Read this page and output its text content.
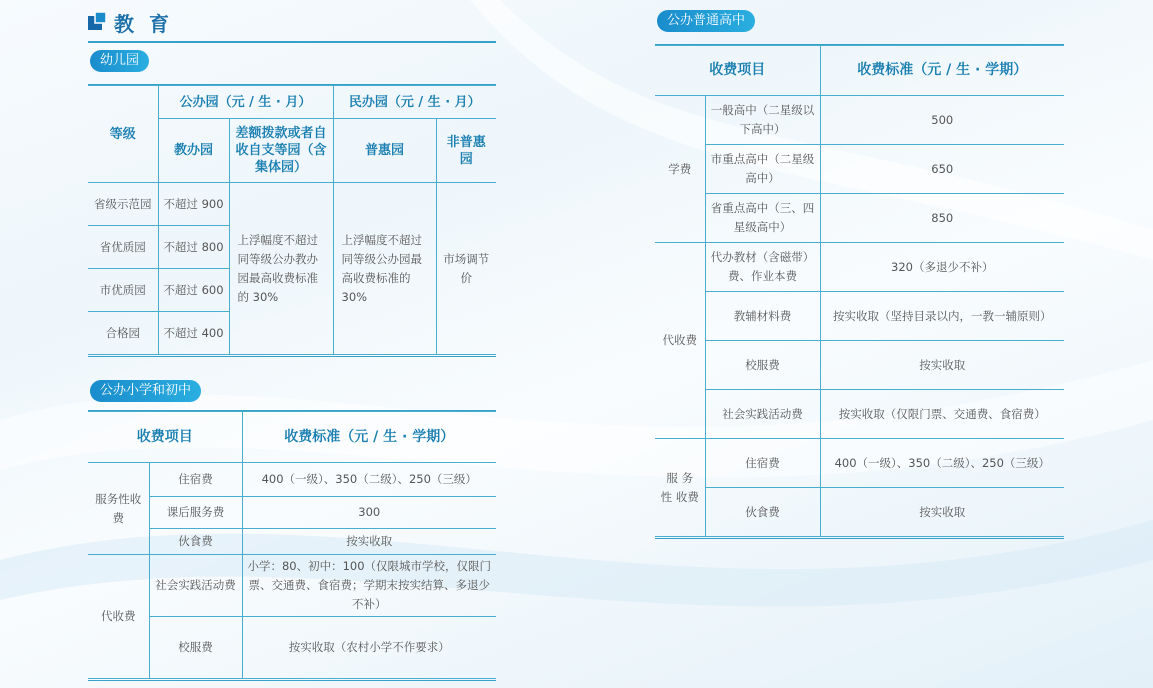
教 育
幼儿园
等级	公办园（元 / 生 · 月）		民办园（元 / 生 · 月）	
	教办园	差额拨款或者自收自支等园（含集体园）	普惠园	非普惠园
省级示范园	不超过 900	上浮幅度不超过同等级公办教办园最高收费标准的 30%	上浮幅度不超过同等级公办园最高收费标准的 30%	市场调节价
省优质园	不超过 800			
市优质园	不超过 600			
合格园	不超过 400			
公办小学和初中
收费项目		收费标准（元 / 生 · 学期）
服务性收费	住宿费	400（一级）、350（二级）、250（三级）
	课后服务费	300
	伙食费	按实收取
代收费	社会实践活动费	小学：80、初中：100（仅限城市学校，仅限门票、交通费、食宿费；学期末按实结算、多退少不补）
	校服费	按实收取（农村小学不作要求）
公办普通高中
收费项目		收费标准（元 / 生 · 学期）
学费	一般高中（二星级以下高中）	500
	市重点高中（二星级高中）	650
	省重点高中（三、四星级高中）	850
代收费	代办教材（含磁带）费、作业本费	320（多退少不补）
	教辅材料费	按实收取（坚持目录以内，一教一辅原则）
	校服费	按实收取
	社会实践活动费	按实收取（仅限门票、交通费、食宿费）
服 务 性 收费	住宿费	400（一级）、350（二级）、250（三级）
	伙食费	按实收取
